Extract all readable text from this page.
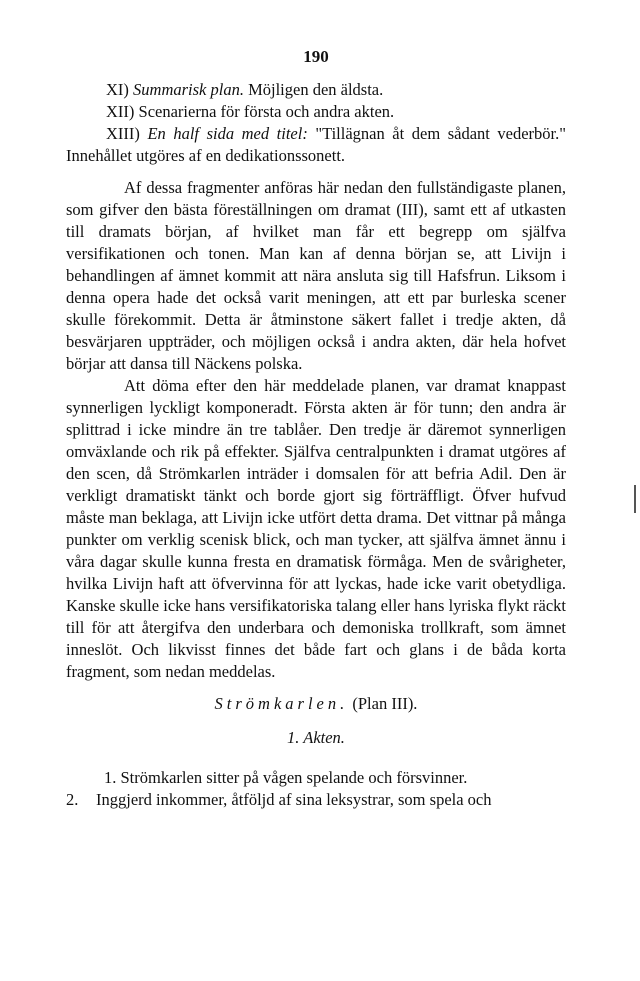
190

XI) Summarisk plan. Möjligen den äldsta.

XII) Scenarierna för första och andra akten.

XIII) En half sida med titel: "Tillägnan åt dem sådant vederbör." Innehållet utgöres af en dedikationssonett.

Af dessa fragmenter anföras här nedan den fullständigaste planen, som gifver den bästa föreställningen om dramat (III), samt ett af utkasten till dramats början, af hvilket man får ett begrepp om själfva versifikationen och tonen. Man kan af denna början se, att Livijn i behandlingen af ämnet kommit att nära ansluta sig till Hafsfrun. Liksom i denna opera hade det också varit meningen, att ett par burleska scener skulle förekommit. Detta är åtminstone säkert fallet i tredje akten, då besvärjaren uppträder, och möjligen också i andra akten, där hela hofvet börjar att dansa till Näckens polska.

Att döma efter den här meddelade planen, var dramat knappast synnerligen lyckligt komponeradt. Första akten är för tunn; den andra är splittrad i icke mindre än tre tablåer. Den tredje är däremot synnerligen omväxlande och rik på effekter. Själfva centralpunkten i dramat utgöres af den scen, då Strömkarlen inträder i domsalen för att befria Adil. Den är verkligt dramatiskt tänkt och borde gjort sig förträffligt. Öfver hufvud måste man beklaga, att Livijn icke utfört detta drama. Det vittnar på många punkter om verklig scenisk blick, och man tycker, att själfva ämnet ännu i våra dagar skulle kunna fresta en dramatisk förmåga. Men de svårigheter, hvilka Livijn haft att öfvervinna för att lyckas, hade icke varit obetydliga. Kanske skulle icke hans versifikatoriska talang eller hans lyriska flykt räckt till för att återgifva den underbara och demoniska trollkraft, som ämnet inneslöt. Och likvisst finnes det både fart och glans i de båda korta fragment, som nedan meddelas.

Strömkarlen. (Plan III).
1. Akten.

1. Strömkarlen sitter på vågen spelande och försvinner.

2. Inggjerd inkommer, åtföljd af sina leksystrar, som spela och
